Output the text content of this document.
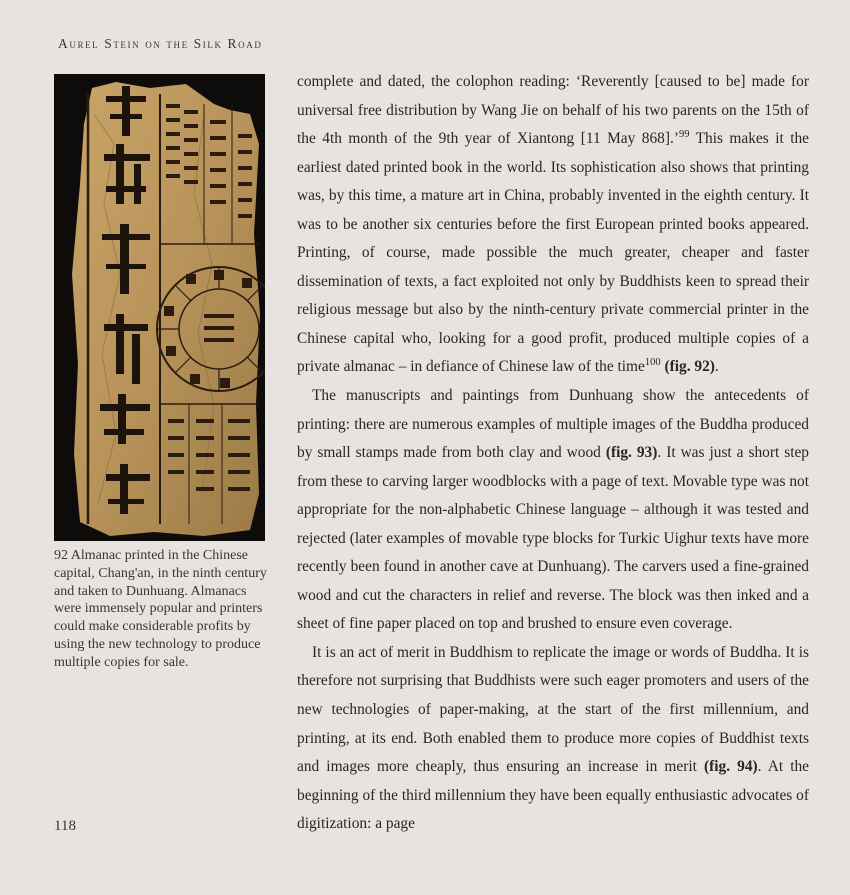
Aurel Stein on the Silk Road
92 Almanac printed in the Chinese capital, Chang'an, in the ninth century and taken to Dunhuang. Almanacs were immensely popular and printers could make considerable profits by using the new technology to produce multiple copies for sale.

complete and dated, the colophon reading: ‘Reverently [caused to be] made for universal free distribution by Wang Jie on behalf of his two parents on the 15th of the 4th month of the 9th year of Xiantong [11 May 868].’$^{99}$ This makes it the earliest dated printed book in the world. Its sophistication also shows that printing was, by this time, a mature art in China, probably invented in the eighth century. It was to be another six centuries before the first European printed books appeared. Printing, of course, made possible the much greater, cheaper and faster dissemination of texts, a fact exploited not only by Buddhists keen to spread their religious message but also by the ninth-century private commercial printer in the Chinese capital who, looking for a good profit, produced multiple copies of a private almanac – in defiance of Chinese law of the time$^{100}$ (fig. 92).

The manuscripts and paintings from Dunhuang show the antecedents of printing: there are numerous examples of multiple images of the Buddha produced by small stamps made from both clay and wood (fig. 93). It was just a short step from these to carving larger woodblocks with a page of text. Movable type was not appropriate for the non-alphabetic Chinese language – although it was tested and rejected (later examples of movable type blocks for Turkic Uighur texts have more recently been found in another cave at Dunhuang). The carvers used a fine-grained wood and cut the characters in relief and reverse. The block was then inked and a sheet of fine paper placed on top and brushed to ensure even coverage.

It is an act of merit in Buddhism to replicate the image or words of Buddha. It is therefore not surprising that Buddhists were such eager promoters and users of the new technologies of paper-making, at the start of the first millennium, and printing, at its end. Both enabled them to produce more copies of Buddhist texts and images more cheaply, thus ensuring an increase in merit (fig. 94). At the beginning of the third millennium they have been equally enthusiastic advocates of digitization: a page

118
